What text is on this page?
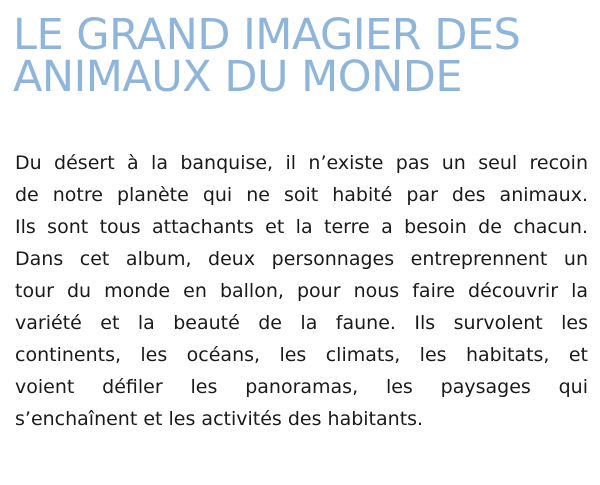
LE GRAND IMAGIER DES
ANIMAUX DU MONDE
Du désert à la banquise, il n’existe pas un seul recoin
de notre planète qui ne soit habité par des animaux.
Ils sont tous attachants et la terre a besoin de chacun.
Dans cet album, deux personnages entreprennent un
tour du monde en ballon, pour nous faire découvrir la
variété et la beauté de la faune. Ils survolent les
continents, les océans, les climats, les habitats, et
voient défiler les panoramas, les paysages qui
s’enchaînent et les activités des habitants.
